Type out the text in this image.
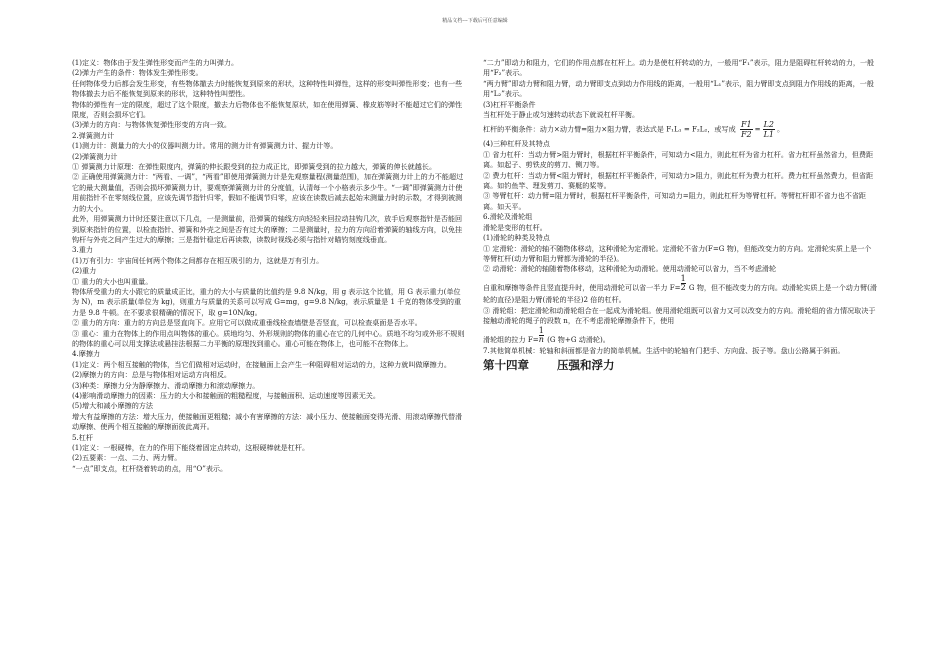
精品文档---下载后可任意编辑

(1)定义：物体由于发生弹性形变而产生的力叫弹力。

(2)弹力产生的条件：物体发生弹性形变。

任何物体受力后都会发生形变，有些物体撤去力时能恢复到原来的形状，这种特性叫弹性，这样的形变叫弹性形变；也有一些物体撤去力后不能恢复到原来的形状，这种特性叫塑性。

物体的弹性有一定的限度，超过了这个限度，撤去力后物体也不能恢复原状，如在使用弹簧、橡皮筋等时不能超过它们的弹性限度，否则会损坏它们。

(3)弹力的方向：与物体恢复弹性形变的方向一致。

2.弹簧测力计

(1)测力计：测量力的大小的仪器叫测力计。常用的测力计有弹簧测力计、握力计等。

(2)弹簧测力计

① 弹簧测力计原理：在弹性限度内，弹簧的伸长跟受到的拉力成正比，即弹簧受到的拉力越大，弹簧的伸长就越长。

② 正确使用弹簧测力计：“两看、一调”，“两看”即使用弹簧测力计是先观察量程(测量范围)，加在弹簧测力计上的力不能超过它的最大测量值，否则会损坏弹簧测力计，要观察弹簧测力计的分度值，认清每一个小格表示多少牛。“一调”即弹簧测力计使用前指针不在零刻线位置，应该先调节指针归零，假如不能调节归零，应该在读数后减去起始末测量力时的示数，才得到被测力的大小。

此外，用弹簧测力计时还要注意以下几点，一是测量前，沿弹簧的轴线方向轻轻来回拉动挂钩几次，放手后观察指针是否能回到原来指针的位置，以检查指针、弹簧和外壳之间是否有过大的摩擦；二是测量时，拉力的方向沿着弹簧的轴线方向，以免挂钩杆与外壳之间产生过大的摩擦；三是指针稳定后再读数，读数时视线必须与指针对瞄钧刻度线垂直。

3.重力

(1)万有引力：宇宙间任何两个物体之间都存在相互吸引的力，这就是万有引力。

(2)重力

① 重力的大小也叫重量。

物体所受重力的大小跟它的质量成正比，重力的大小与质量的比值约是 9.8 N/kg，用 g 表示这个比值，用 G 表示重力(单位为 N)，m 表示质量(单位为 kg)，则重力与质量的关系可以写成 G=mg，g=9.8 N/kg，表示质量是 1 千克的物体受到的重力是 9.8 牛顿。在不要求很精确的情况下，取 g=10N/kg。

② 重力的方向：重力的方向总是竖直向下。应用它可以做成重垂线检查墙壁是否竖直，可以检查桌面是否水平。

③ 重心：重力在物体上的作用点叫物体的重心。质地均匀、外形规则的物体的重心在它的几何中心。质地不均匀或外形不规则的物体的重心可以用支撑法或悬挂法根据二力平衡的原理找到重心。重心可能在物体上，也可能不在物体上。

4.摩擦力

(1)定义：两个相互接触的物体，当它们做相对运动时，在接触面上会产生一种阻碍相对运动的力，这种力就叫做摩擦力。

(2)摩擦力的方向：总是与物体相对运动方向相反。

(3)种类：摩擦力分为静摩擦力、滑动摩擦力和滚动摩擦力。

(4)影响滑动摩擦力的因素：压力的大小和接触面的粗糙程度，与接触面积、运动速度等因素无关。

(5)增大和减小摩擦的方法

增大有益摩擦的方法：增大压力，使接触面更粗糙；减小有害摩擦的方法：减小压力、使接触面变得光滑、用滚动摩擦代替滑动摩擦、使两个相互接触的摩擦面彼此离开。

5.杠杆

(1)定义：一根硬棒，在力的作用下能绕着固定点转动，这根硬棒就是杠杆。

(2)五要素：一点、二力、两力臂。

“一点”即支点，杠杆绕着转动的点，用“O”表示。

“二力”即动力和阻力，它们的作用点都在杠杆上。动力是使杠杆转动的力，一般用“F₁”表示，阻力是阻碍杠杆转动的力，一般用“F₂”表示。

“两力臂”即动力臂和阻力臂，动力臂即支点到动力作用线的距离，一般用“L₁”表示，阻力臂即支点到阻力作用线的距离，一般用“L₂”表示。

(3)杠杆平衡条件

当杠杆处于静止或匀速转动状态下就说杠杆平衡。

杠杆的平衡条件：动力×动力臂=阻力×阻力臂，表达式是 F₁L₁ = F₂L₂，或写成 $\frac{F1}{F2} = \frac{L2}{L1}$ 。

(4)三种杠杆及其特点

① 省力杠杆：当动力臂>阻力臂时，根据杠杆平衡条件，可知动力<阻力，则此杠杆为省力杠杆。省力杠杆虽然省力，但费距离。如起子、剪铁皮的剪刀、铡刀等。

② 费力杠杆：当动力臂<阻力臂时，根据杠杆平衡条件，可知动力>阻力，则此杠杆为费力杠杆。费力杠杆虽然费力，但省距离。如钓鱼竿、理发剪刀、赛艇的桨等。

③ 等臂杠杆：动力臂=阻力臂时，根据杠杆平衡条件，可知动力=阻力，则此杠杆为等臂杠杆。等臂杠杆即不省力也不省距离。如天平。

6.滑轮及滑轮组

滑轮是变形的杠杆。

(1)滑轮的种类及特点

① 定滑轮：滑轮的轴不随物体移动，这种滑轮为定滑轮。定滑轮不省力(F=G 物)，但能改变力的方向。定滑轮实质上是一个等臂杠杆(动力臂和阻力臂都为滑轮的半径)。

② 动滑轮：滑轮的轴随着物体移动，这种滑轮为动滑轮。使用动滑轮可以省力，当不考虑滑轮

自重和摩擦等条件且竖直提升时，使用动滑轮可以省一半力 $F= \frac{1}{2}$ G 物，但不能改变力的方向。动滑轮实质上是一个动力臂(滑轮的直径)是阻力臂(滑轮的半径)2 倍的杠杆。

③ 滑轮组：把定滑轮和动滑轮组合在一起成为滑轮组。使用滑轮组既可以省力又可以改变力的方向。滑轮组的省力情况取决于接触动滑轮的绳子的段数 n，在不考虑滑轮摩擦条件下，使用

滑轮组的拉力 $F= \frac{1}{n} (G$ 物+G 动滑轮)。

7.其他简单机械：轮轴和斜面都是省力的简单机械。生活中的轮轴有门把手、方向盘、扳子等。盘山公路属于斜面。

第十四章 压强和浮力
